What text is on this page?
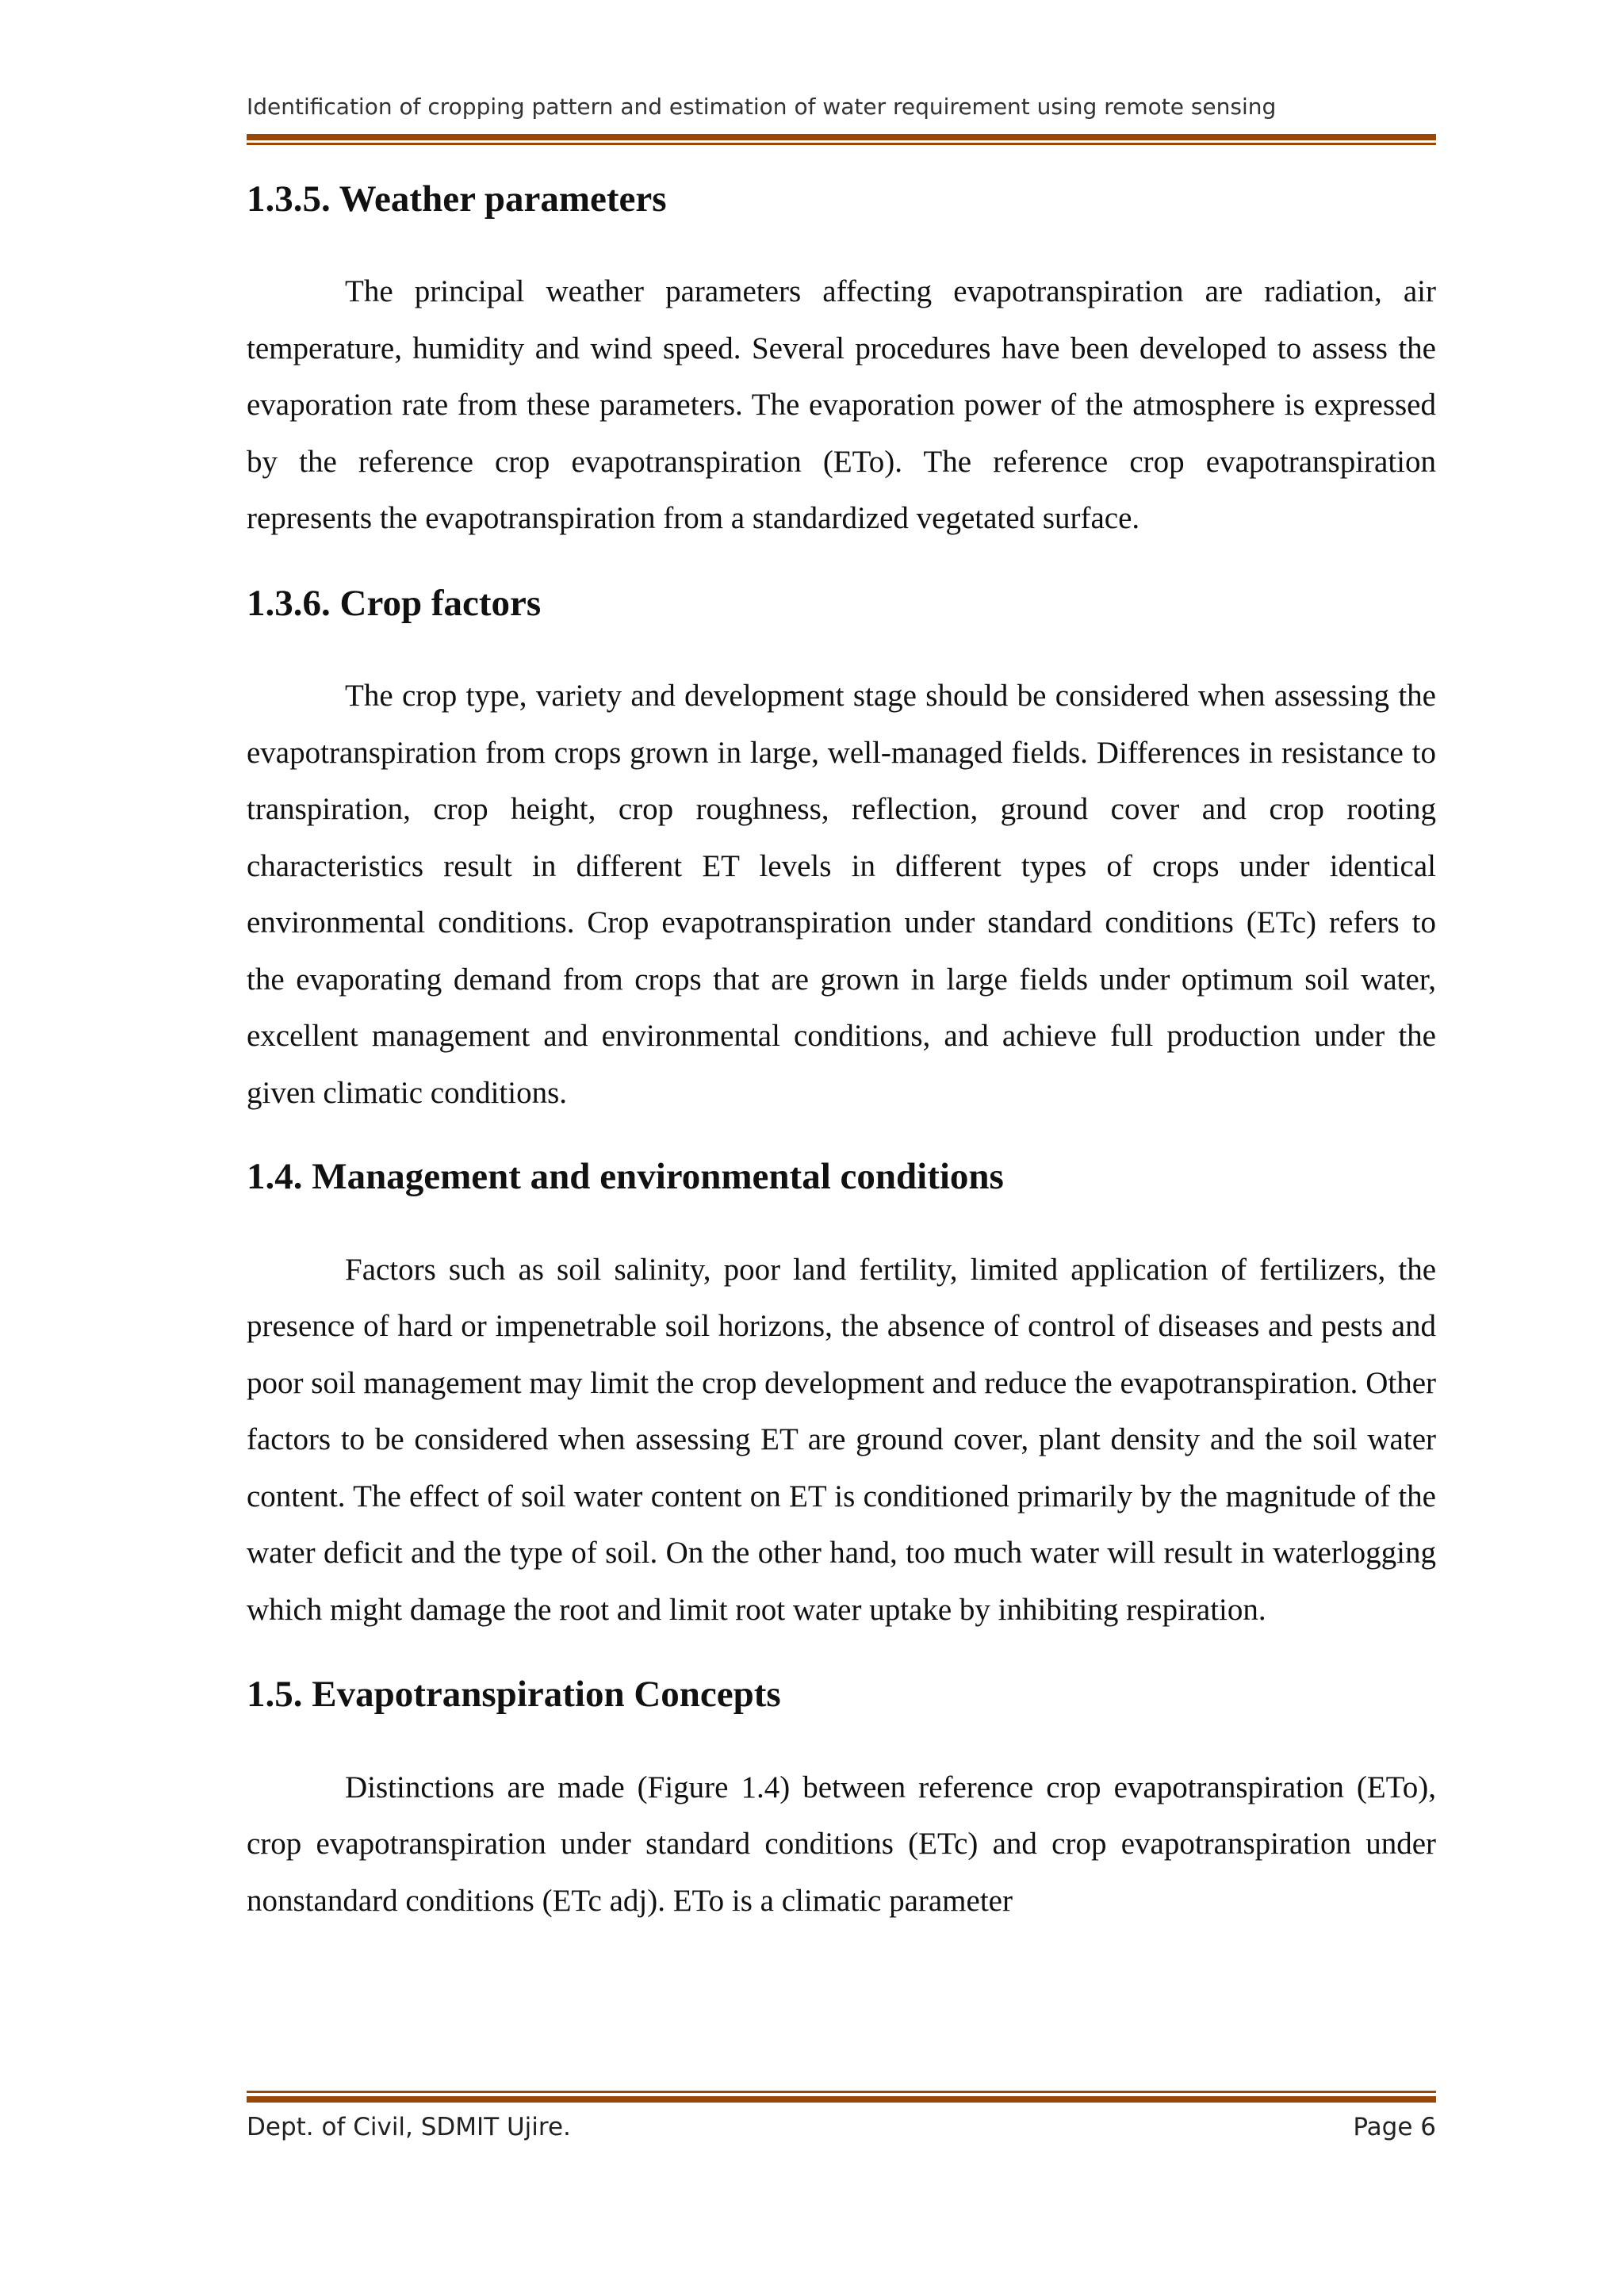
Identification of cropping pattern and estimation of water requirement using remote sensing
1.3.5. Weather parameters

The principal weather parameters affecting evapotranspiration are radiation, air temperature, humidity and wind speed. Several procedures have been developed to assess the evaporation rate from these parameters. The evaporation power of the atmosphere is expressed by the reference crop evapotranspiration (ETo). The reference crop evapotranspiration represents the evapotranspiration from a standardized vegetated surface.

1.3.6. Crop factors

The crop type, variety and development stage should be considered when assessing the evapotranspiration from crops grown in large, well-managed fields. Differences in resistance to transpiration, crop height, crop roughness, reflection, ground cover and crop rooting characteristics result in different ET levels in different types of crops under identical environmental conditions. Crop evapotranspiration under standard conditions (ETc) refers to the evaporating demand from crops that are grown in large fields under optimum soil water, excellent management and environmental conditions, and achieve full production under the given climatic conditions.

1.4. Management and environmental conditions

Factors such as soil salinity, poor land fertility, limited application of fertilizers, the presence of hard or impenetrable soil horizons, the absence of control of diseases and pests and poor soil management may limit the crop development and reduce the evapotranspiration. Other factors to be considered when assessing ET are ground cover, plant density and the soil water content. The effect of soil water content on ET is conditioned primarily by the magnitude of the water deficit and the type of soil. On the other hand, too much water will result in waterlogging which might damage the root and limit root water uptake by inhibiting respiration.

1.5. Evapotranspiration Concepts

Distinctions are made (Figure 1.4) between reference crop evapotranspiration (ETo), crop evapotranspiration under standard conditions (ETc) and crop evapotranspiration under nonstandard conditions (ETc adj). ETo is a climatic parameter

Dept. of Civil, SDMIT Ujire.	Page 6
